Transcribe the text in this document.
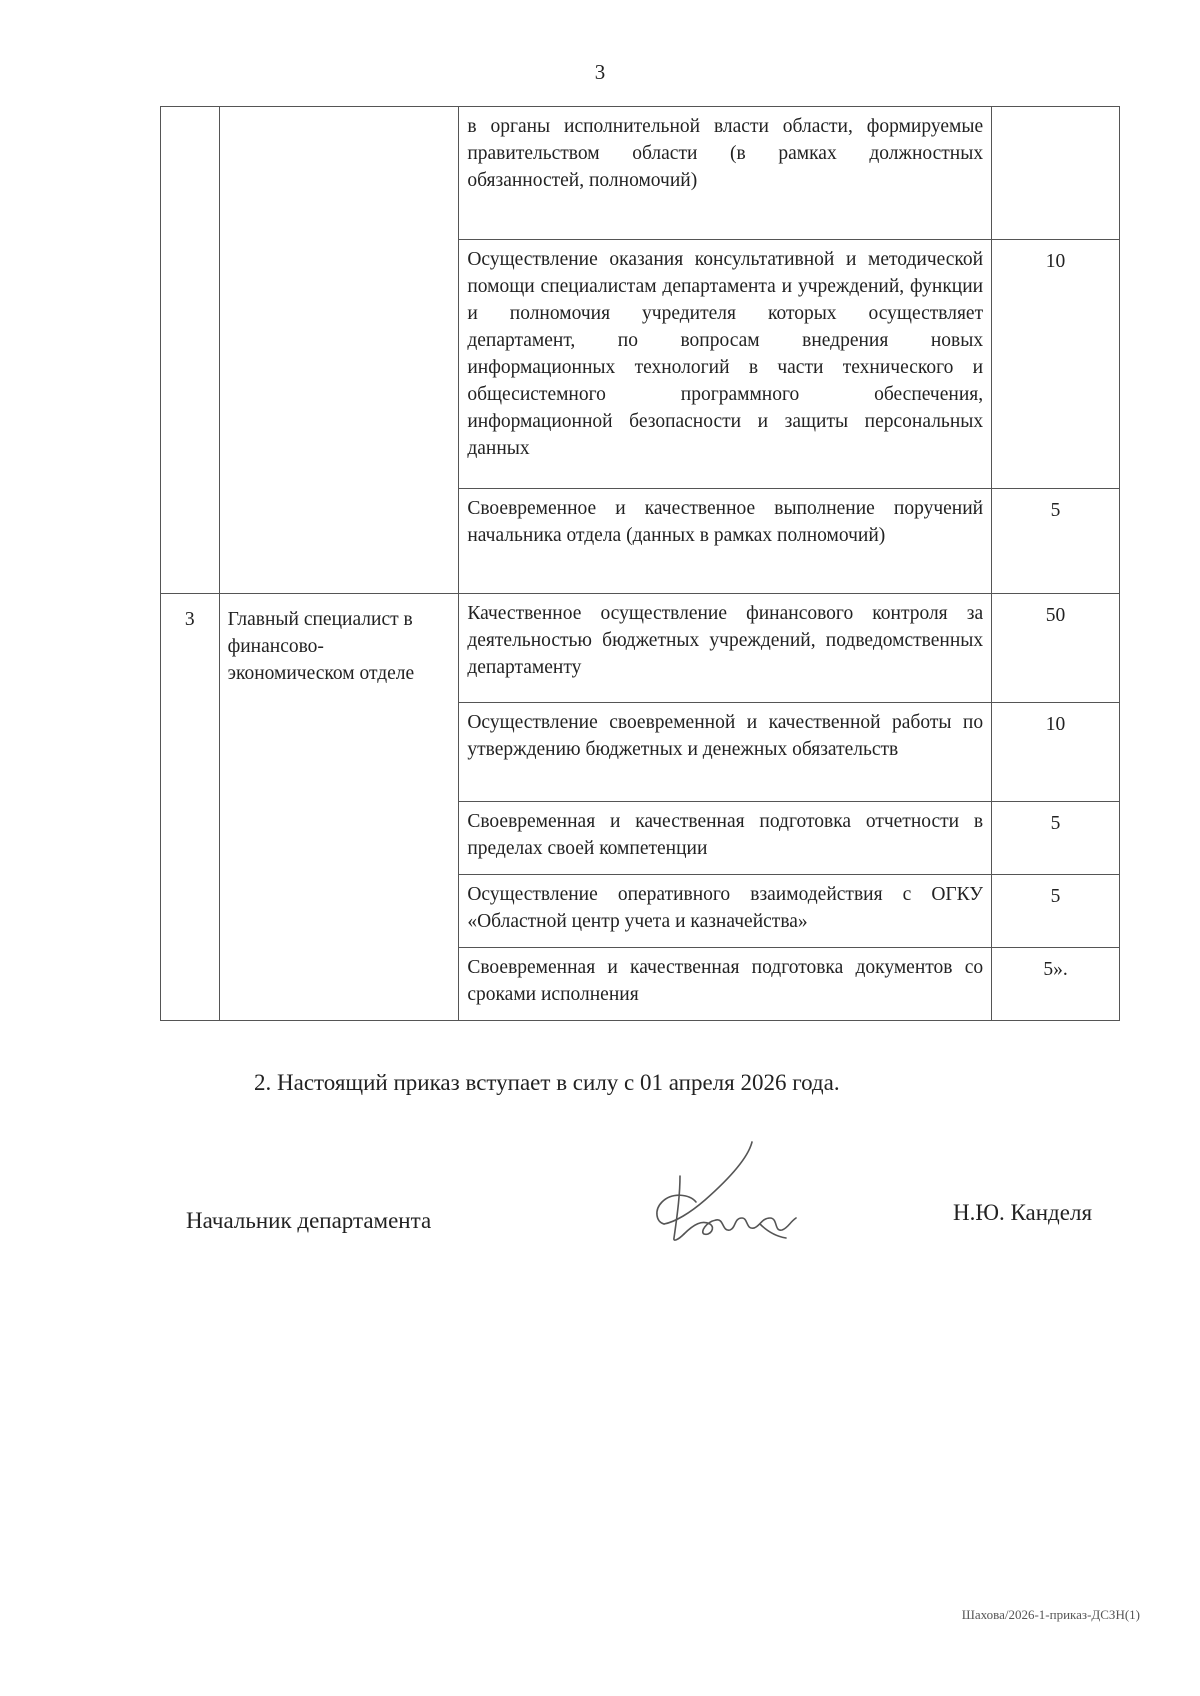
3
		в органы исполнительной власти области, формируемые правительством области (в рамках должностных обязанностей, полномочий)	
		Осуществление оказания консультативной и методической помощи специалистам департамента и учреждений, функции и полномочия учредителя которых осуществляет департамент, по вопросам внедрения новых информационных технологий в части технического и общесистемного программного обеспечения, информационной безопасности и защиты персональных данных	10
		Своевременное и качественное выполнение поручений начальника отдела (данных в рамках полномочий)	5
3	Главный специалист в финансово-экономическом отделе	Качественное осуществление финансового контроля за деятельностью бюджетных учреждений, подведомственных департаменту	50
		Осуществление своевременной и качественной работы по утверждению бюджетных и денежных обязательств	10
		Своевременная и качественная подготовка отчетности в пределах своей компетенции	5
		Осуществление оперативного взаимодействия с ОГКУ «Областной центр учета и казначейства»	5
		Своевременная и качественная подготовка документов со сроками исполнения	5».
2. Настоящий приказ вступает в силу с 01 апреля 2026 года.
Начальник департамента	Н.Ю. Канделя
Шахова/2026-1-приказ-ДСЗН(1)
